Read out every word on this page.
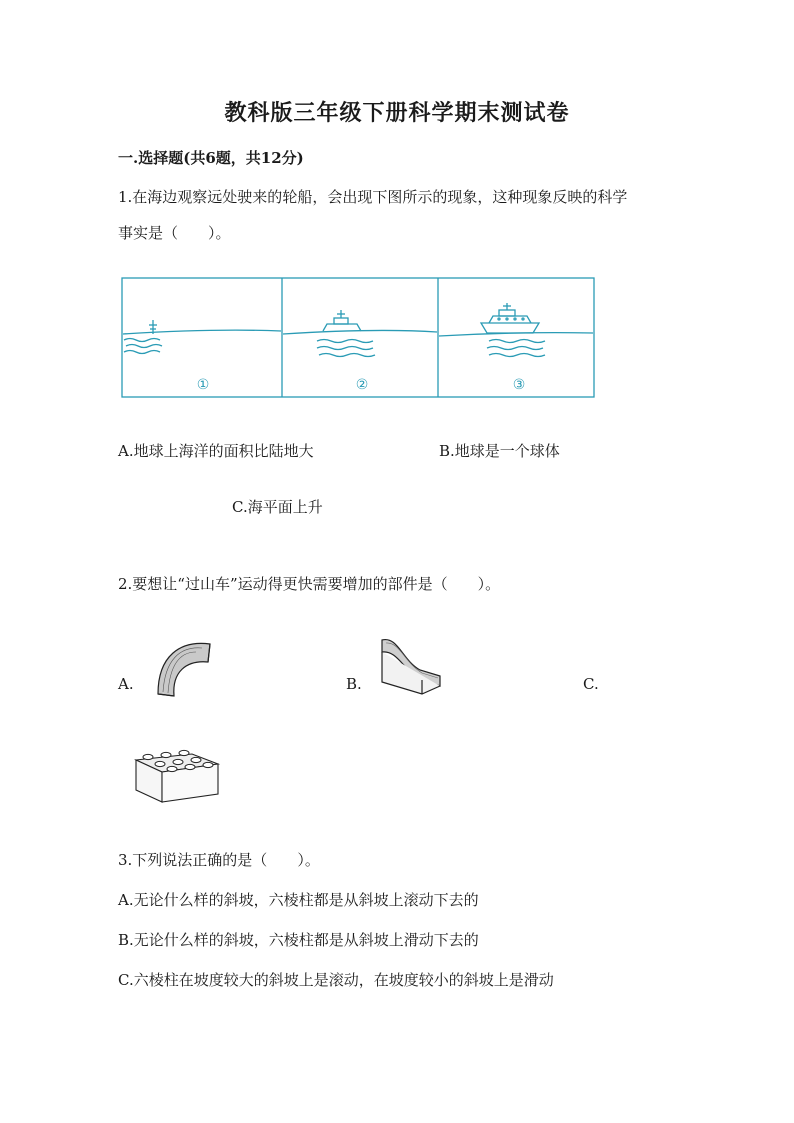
教科版三年级下册科学期末测试卷
一.选择题(共6题，共12分)
1.在海边观察远处驶来的轮船，会出现下图所示的现象，这种现象反映的科学
事实是（　　）。
①	②	③
A.地球上海洋的面积比陆地大	B.地球是一个球体
C.海平面上升
2.要想让“过山车”运动得更快需要增加的部件是（　　）。
A.	B.	C.
3.下列说法正确的是（　　）。
A.无论什么样的斜坡，六棱柱都是从斜坡上滚动下去的
B.无论什么样的斜坡，六棱柱都是从斜坡上滑动下去的
C.六棱柱在坡度较大的斜坡上是滚动，在坡度较小的斜坡上是滑动
